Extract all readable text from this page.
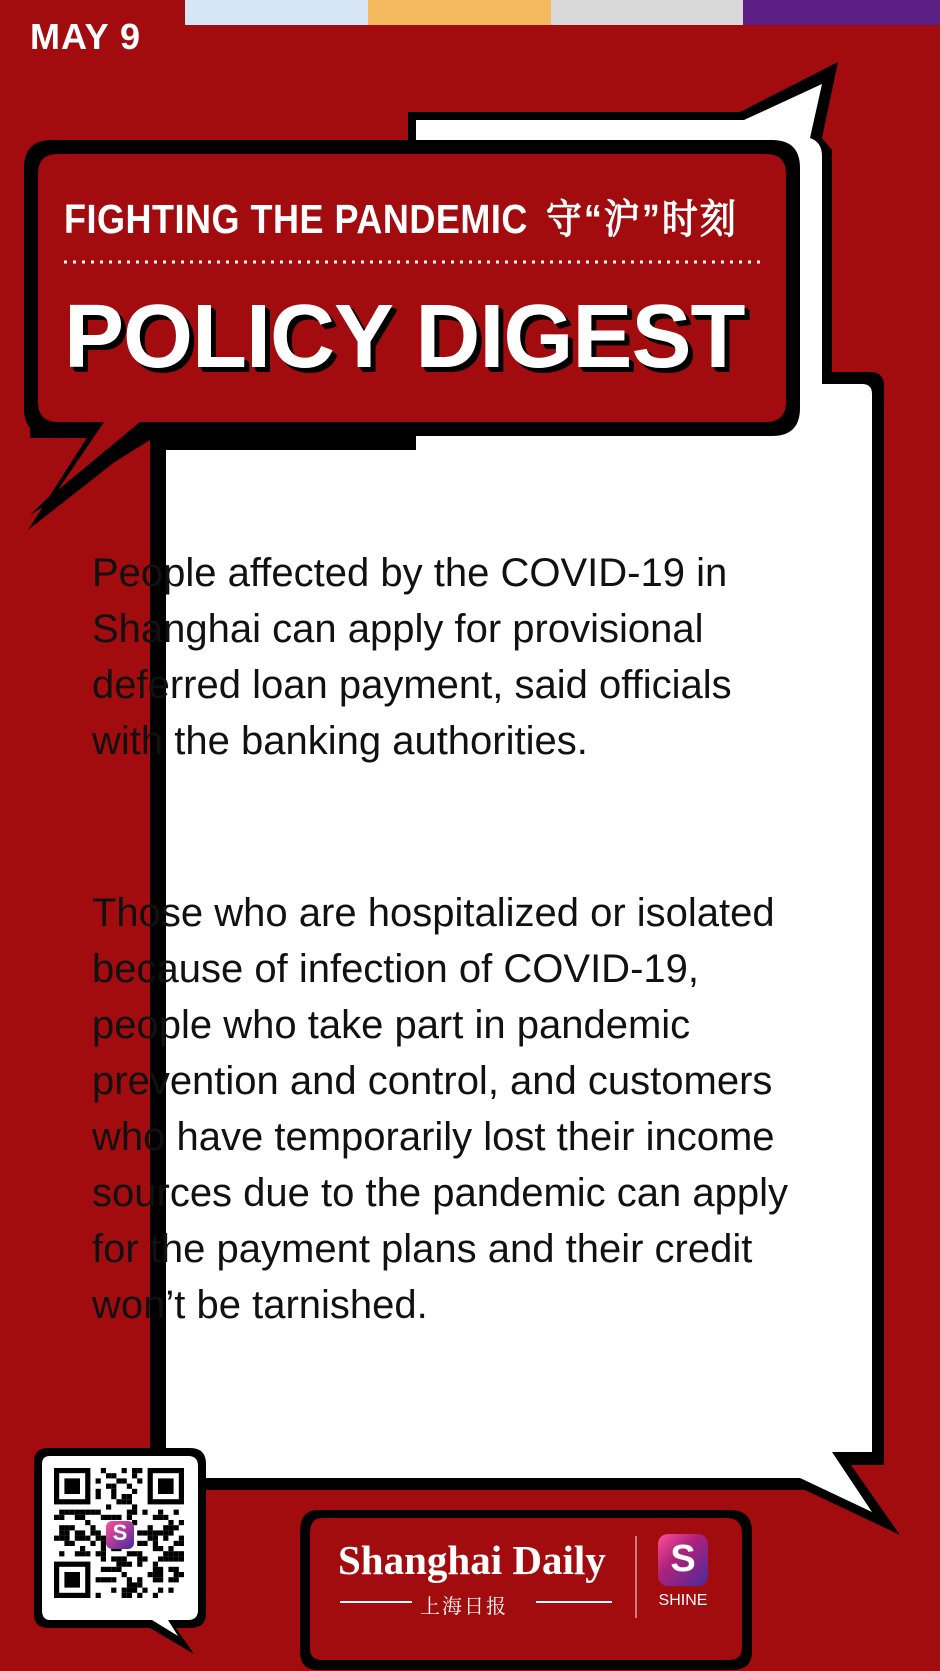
MAY 9
FIGHTING THE PANDEMIC 守“沪”时刻
POLICY DIGEST
People affected by the COVID-19 in Shanghai can apply for provisional deferred loan payment, said officials with the banking authorities.
Those who are hospitalized or isolated because of infection of COVID-19, people who take part in pandemic prevention and control, and customers who have temporarily lost their income sources due to the pandemic can apply for the payment plans and their credit won’t be tarnished.
S
Shanghai Daily
上海日报
S
SHINE
